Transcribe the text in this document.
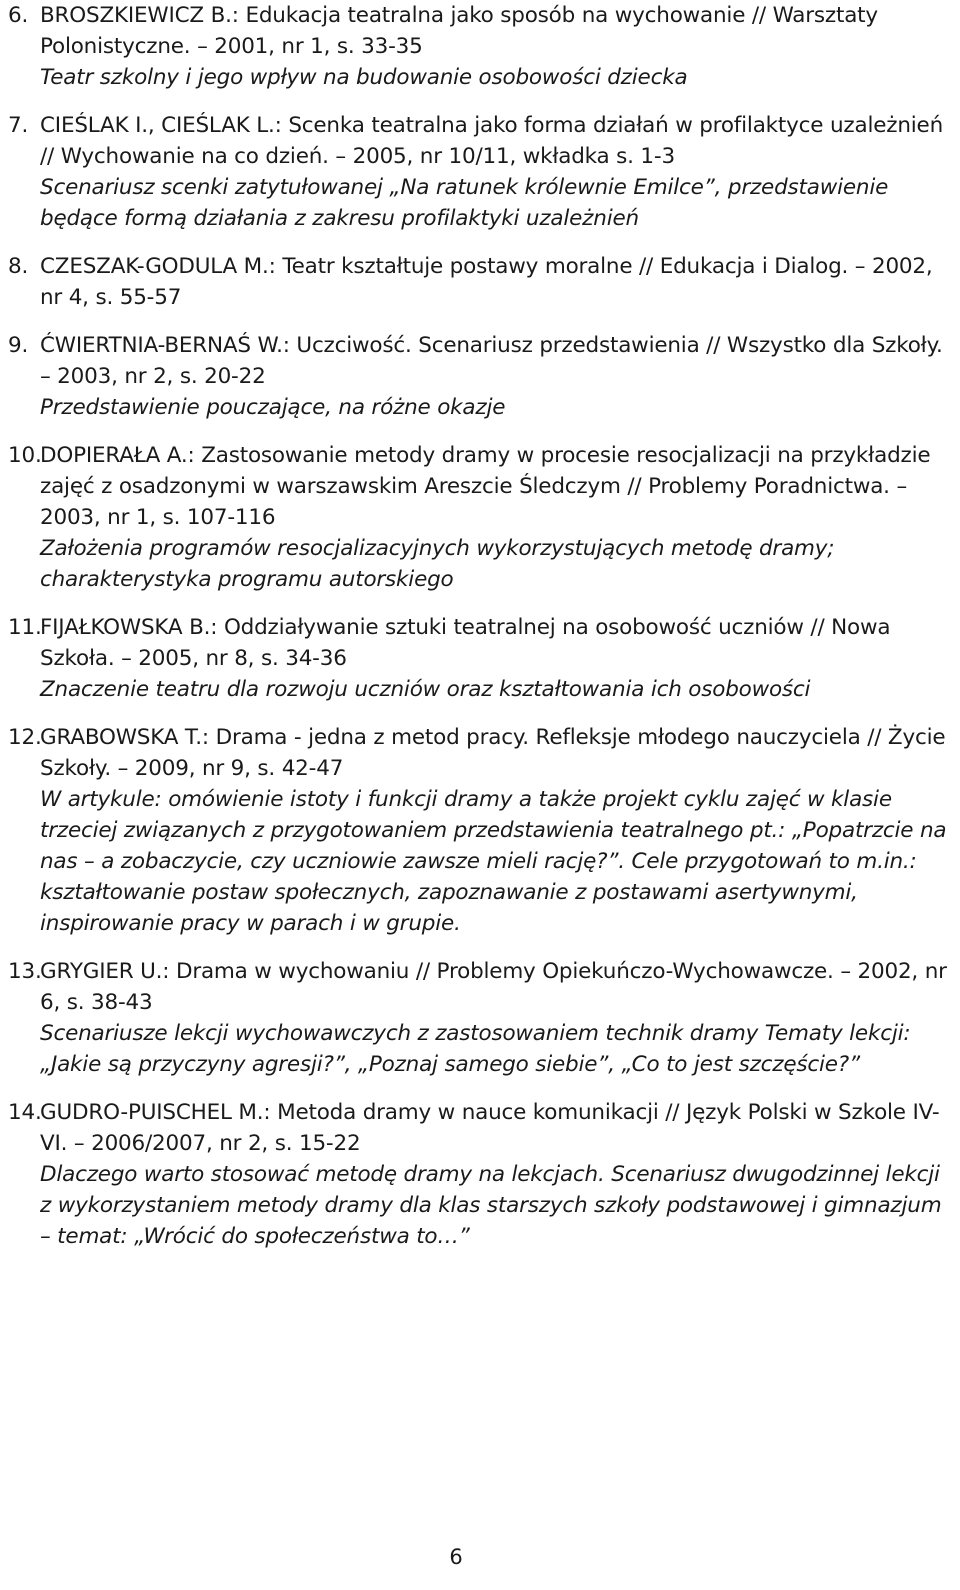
6. BROSZKIEWICZ B.: Edukacja teatralna jako sposób na wychowanie // Warsztaty Polonistyczne. – 2001, nr 1, s. 33-35

Teatr szkolny i jego wpływ na budowanie osobowości dziecka

7. CIEŚLAK I., CIEŚLAK L.: Scenka teatralna jako forma działań w profilaktyce uzależnień // Wychowanie na co dzień. – 2005, nr 10/11, wkładka s. 1-3

Scenariusz scenki zatytułowanej „Na ratunek królewnie Emilce”, przedstawienie będące formą działania z zakresu profilaktyki uzależnień

8. CZESZAK-GODULA M.: Teatr kształtuje postawy moralne // Edukacja i Dialog. – 2002, nr 4, s. 55-57

9. ĆWIERTNIA-BERNAŚ W.: Uczciwość. Scenariusz przedstawienia // Wszystko dla Szkoły. – 2003, nr 2, s. 20-22

Przedstawienie pouczające, na różne okazje

10.

DOPIERAŁA A.: Zastosowanie metody dramy w procesie resocjalizacji na przykładzie zajęć z osadzonymi w warszawskim Areszcie Śledczym // Problemy Poradnictwa. – 2003, nr 1, s. 107-116

Założenia programów resocjalizacyjnych wykorzystujących metodę dramy; charakterystyka programu autorskiego

11.

FIJAŁKOWSKA B.: Oddziaływanie sztuki teatralnej na osobowość uczniów // Nowa Szkoła. – 2005, nr 8, s. 34-36

Znaczenie teatru dla rozwoju uczniów oraz kształtowania ich osobowości

12.

GRABOWSKA T.: Drama - jedna z metod pracy. Refleksje młodego nauczyciela // Życie Szkoły. – 2009, nr 9, s. 42-47

W artykule: omówienie istoty i funkcji dramy a także projekt cyklu zajęć w klasie trzeciej związanych z przygotowaniem przedstawienia teatralnego pt.: „Popatrzcie na nas – a zobaczycie, czy uczniowie zawsze mieli rację?”. Cele przygotowań to m.in.: kształtowanie postaw społecznych, zapoznawanie z postawami asertywnymi, inspirowanie pracy w parach i w grupie.

13.

GRYGIER U.: Drama w wychowaniu // Problemy Opiekuńczo-Wychowawcze. – 2002, nr 6, s. 38-43

Scenariusze lekcji wychowawczych z zastosowaniem technik dramy Tematy lekcji: „Jakie są przyczyny agresji?”, „Poznaj samego siebie”, „Co to jest szczęście?”

14.

GUDRO-PUISCHEL M.: Metoda dramy w nauce komunikacji // Język Polski w Szkole IV-VI. – 2006/2007, nr 2, s. 15-22

Dlaczego warto stosować metodę dramy na lekcjach. Scenariusz dwugodzinnej lekcji z wykorzystaniem metody dramy dla klas starszych szkoły podstawowej i gimnazjum – temat: „Wrócić do społeczeństwa to…”

6
